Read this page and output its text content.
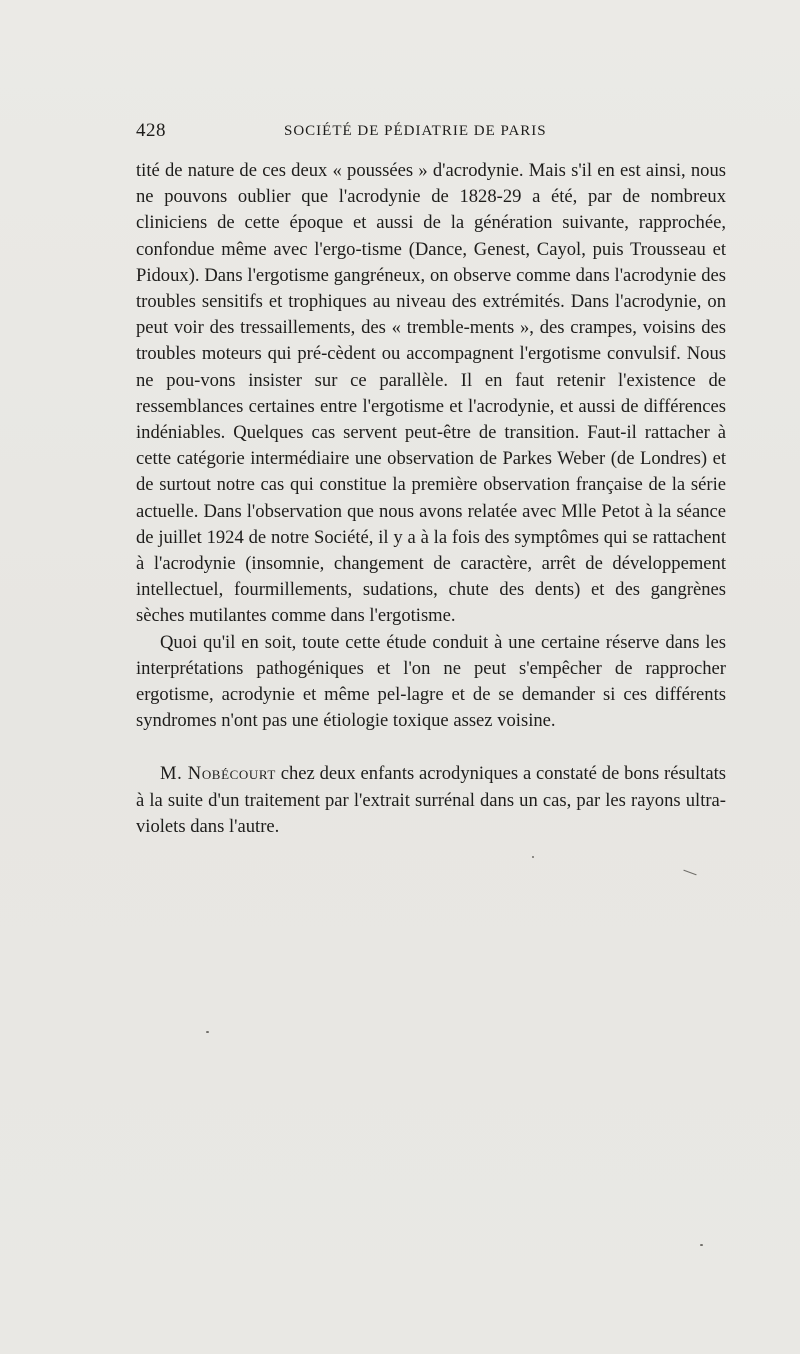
428	SOCIÉTÉ DE PÉDIATRIE DE PARIS

tité de nature de ces deux « poussées » d'acrodynie. Mais s'il en est ainsi, nous ne pouvons oublier que l'acrodynie de 1828-29 a été, par de nombreux cliniciens de cette époque et aussi de la génération suivante, rapprochée, confondue même avec l'ergo-tisme (Dance, Genest, Cayol, puis Trousseau et Pidoux). Dans l'ergotisme gangréneux, on observe comme dans l'acrodynie des troubles sensitifs et trophiques au niveau des extrémités. Dans l'acrodynie, on peut voir des tressaillements, des « tremble-ments », des crampes, voisins des troubles moteurs qui pré-cèdent ou accompagnent l'ergotisme convulsif. Nous ne pou-vons insister sur ce parallèle. Il en faut retenir l'existence de ressemblances certaines entre l'ergotisme et l'acrodynie, et aussi de différences indéniables. Quelques cas servent peut-être de transition. Faut-il rattacher à cette catégorie intermédiaire une observation de Parkes Weber (de Londres) et de surtout notre cas qui constitue la première observation française de la série actuelle. Dans l'observation que nous avons relatée avec Mlle Petot à la séance de juillet 1924 de notre Société, il y a à la fois des symptômes qui se rattachent à l'acrodynie (insomnie, changement de caractère, arrêt de développement intellectuel, fourmillements, sudations, chute des dents) et des gangrènes sèches mutilantes comme dans l'ergotisme.

Quoi qu'il en soit, toute cette étude conduit à une certaine réserve dans les interprétations pathogéniques et l'on ne peut s'empêcher de rapprocher ergotisme, acrodynie et même pel-lagre et de se demander si ces différents syndromes n'ont pas une étiologie toxique assez voisine.

M. Nobécourt chez deux enfants acrodyniques a constaté de bons résultats à la suite d'un traitement par l'extrait surrénal dans un cas, par les rayons ultra-violets dans l'autre.
